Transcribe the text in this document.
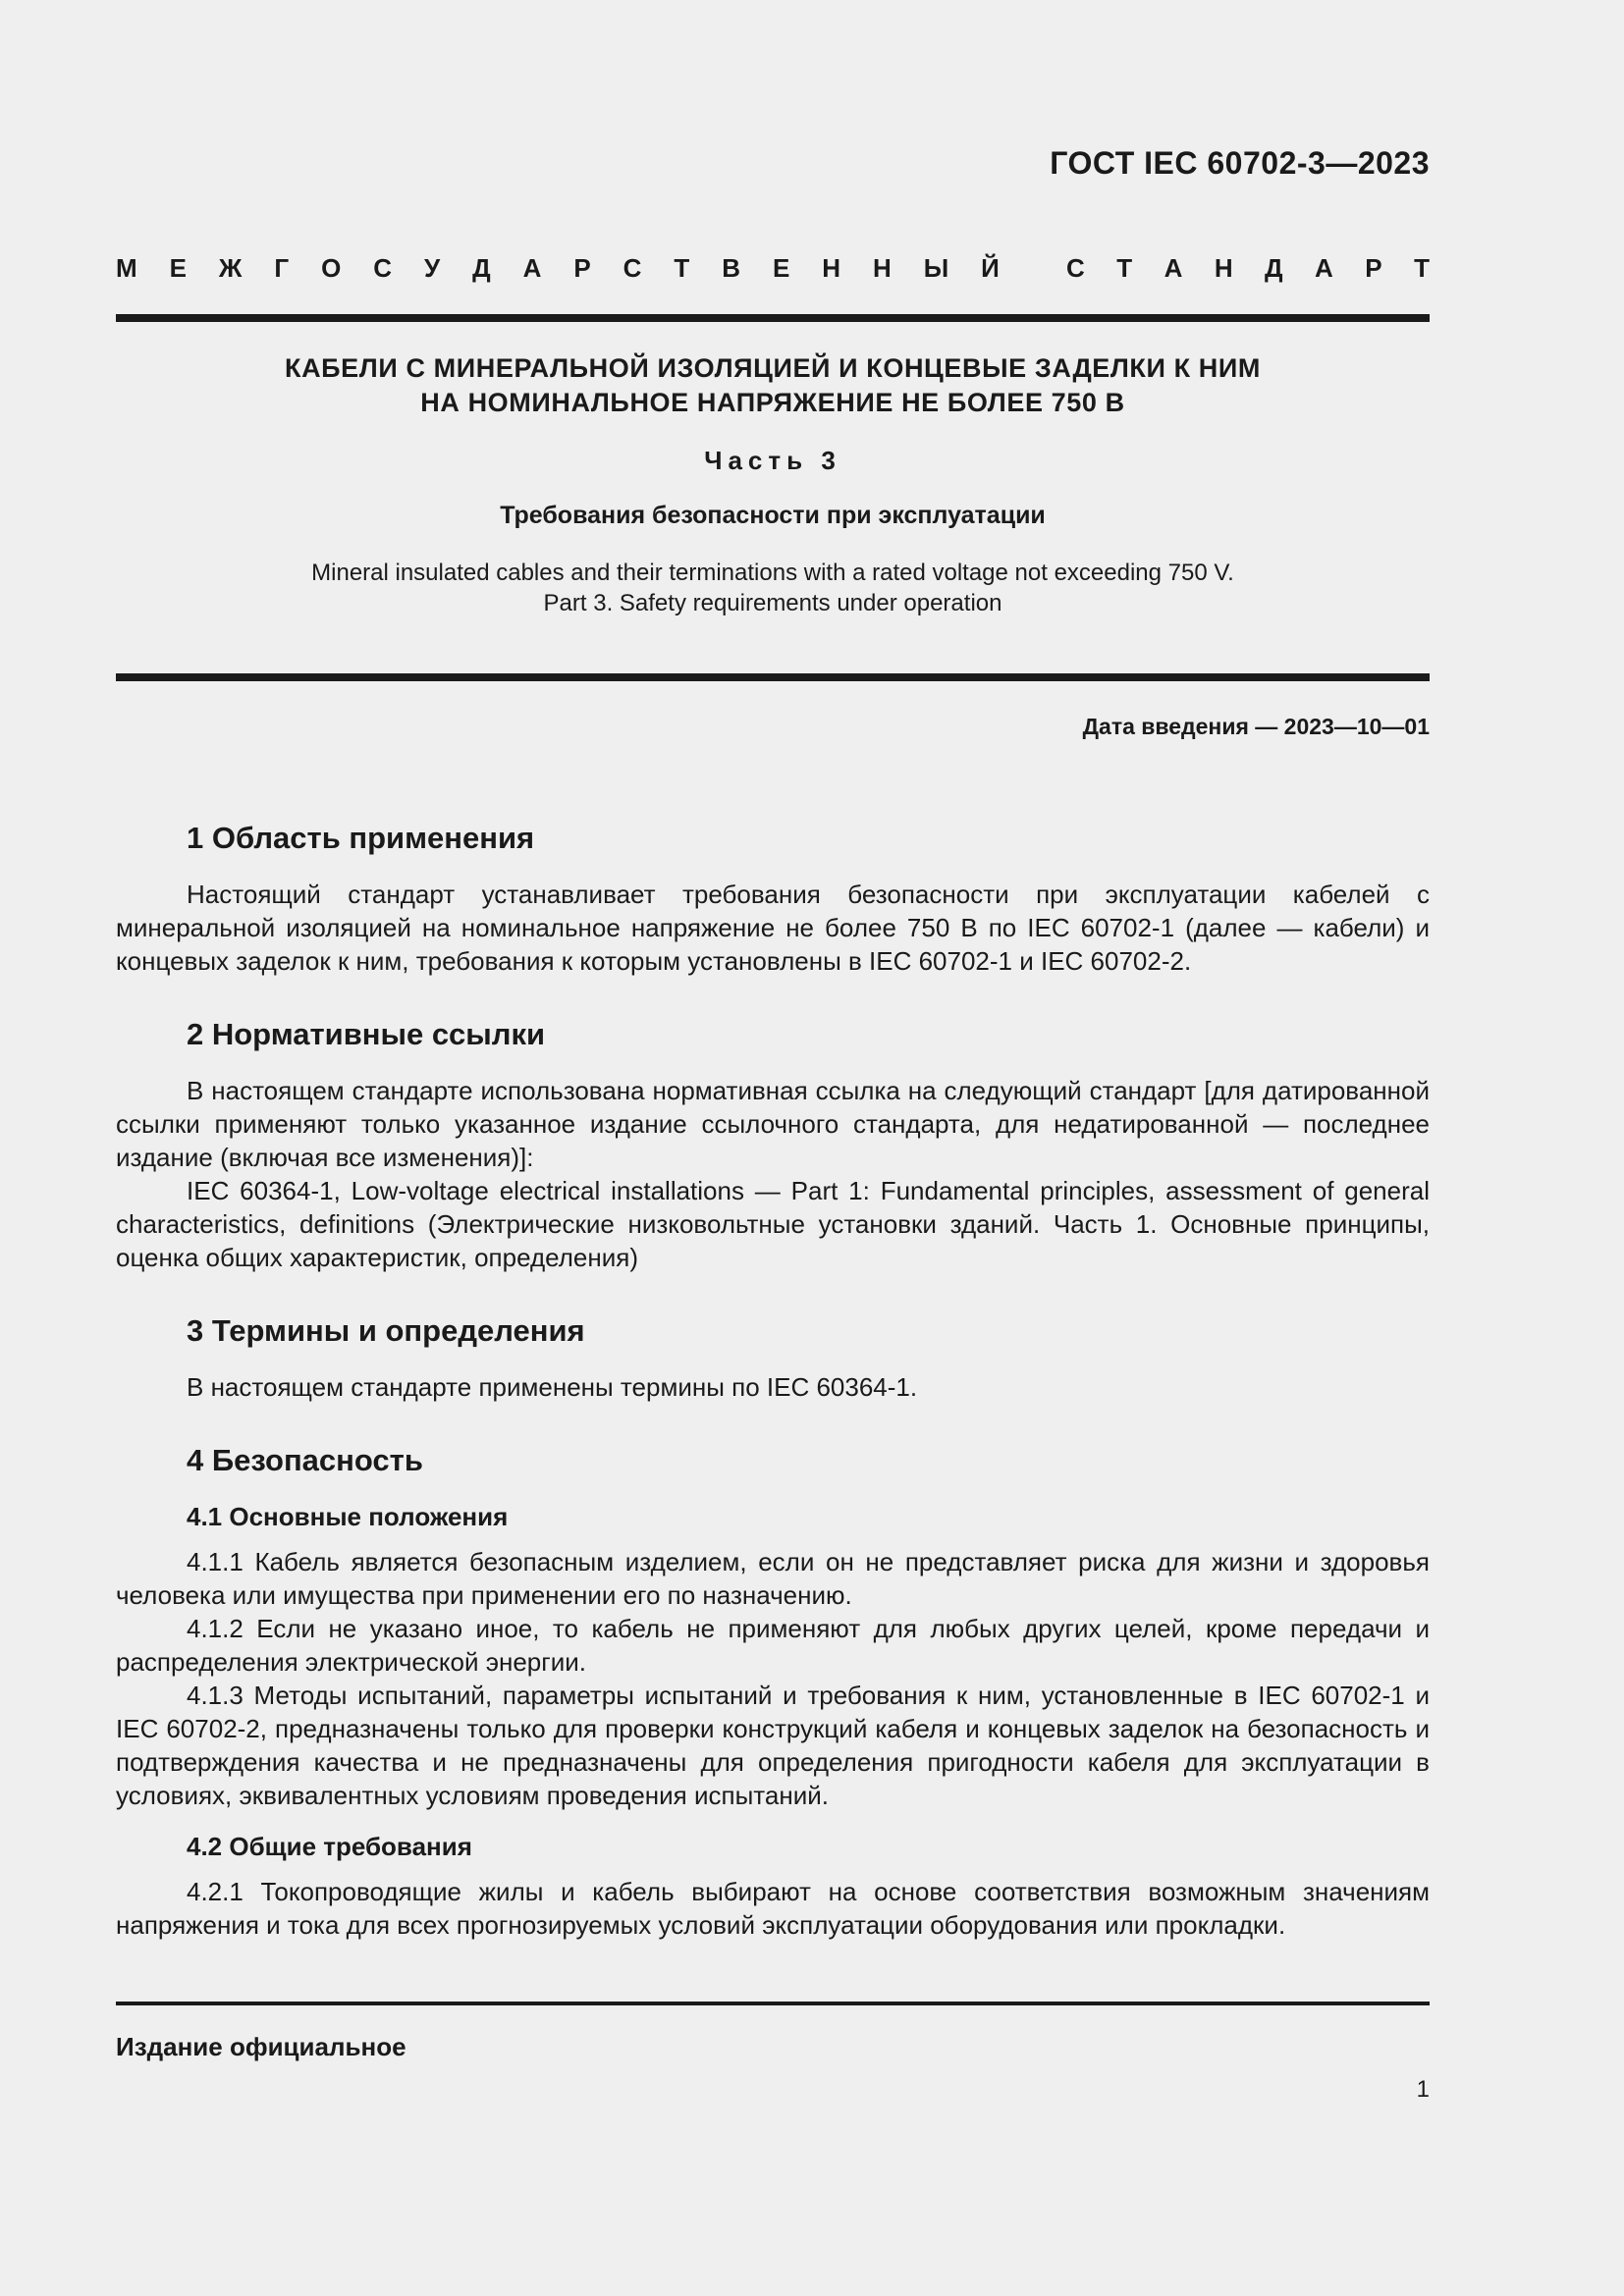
ГОСТ IEC 60702-3—2023
М Е Ж Г О С У Д А Р С Т В Е Н Н Ы Й	С Т А Н Д А Р Т
КАБЕЛИ С МИНЕРАЛЬНОЙ ИЗОЛЯЦИЕЙ И КОНЦЕВЫЕ ЗАДЕЛКИ К НИМ
НА НОМИНАЛЬНОЕ НАПРЯЖЕНИЕ НЕ БОЛЕЕ 750 В
Часть 3
Требования безопасности при эксплуатации
Mineral insulated cables and their terminations with a rated voltage not exceeding 750 V.
Part 3. Safety requirements under operation
Дата введения — 2023—10—01
1 Область применения

Настоящий стандарт устанавливает требования безопасности при эксплуатации кабелей с минеральной изоляцией на номинальное напряжение не более 750 В по IEC 60702-1 (далее — кабели) и концевых заделок к ним, требования к которым установлены в IEC 60702-1 и IEC 60702-2.

2 Нормативные ссылки

В настоящем стандарте использована нормативная ссылка на следующий стандарт [для датированной ссылки применяют только указанное издание ссылочного стандарта, для недатированной — последнее издание (включая все изменения)]:

IEC 60364-1, Low-voltage electrical installations — Part 1: Fundamental principles, assessment of general characteristics, definitions (Электрические низковольтные установки зданий. Часть 1. Основные принципы, оценка общих характеристик, определения)

3 Термины и определения

В настоящем стандарте применены термины по IEC 60364-1.

4 Безопасность
4.1 Основные положения

4.1.1 Кабель является безопасным изделием, если он не представляет риска для жизни и здоровья человека или имущества при применении его по назначению.

4.1.2 Если не указано иное, то кабель не применяют для любых других целей, кроме передачи и распределения электрической энергии.

4.1.3 Методы испытаний, параметры испытаний и требования к ним, установленные в IEC 60702-1 и IEC 60702-2, предназначены только для проверки конструкций кабеля и концевых заделок на безопасность и подтверждения качества и не предназначены для определения пригодности кабеля для эксплуатации в условиях, эквивалентных условиям проведения испытаний.

4.2 Общие требования

4.2.1 Токопроводящие жилы и кабель выбирают на основе соответствия возможным значениям напряжения и тока для всех прогнозируемых условий эксплуатации оборудования или прокладки.

Издание официальное
1
